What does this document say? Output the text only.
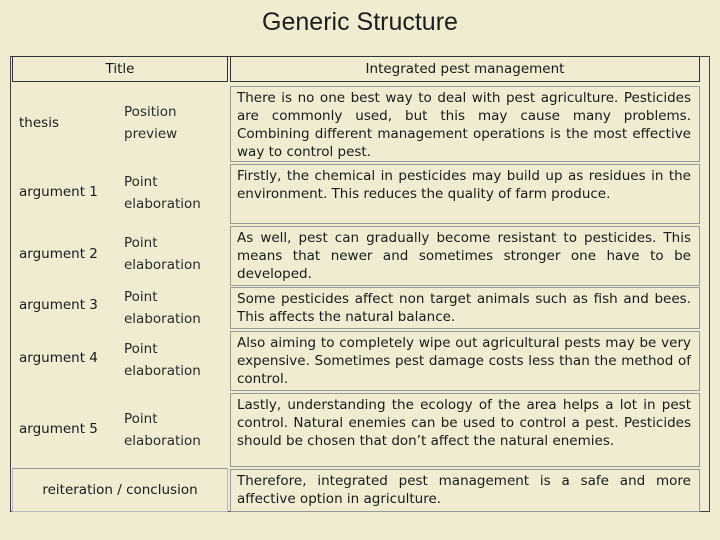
Generic Structure
Title	Integrated pest management
thesis
Position
preview
There is no one best way to deal with pest agriculture. Pesticides are commonly used, but this may cause many problems. Combining different management operations is the most effective way to control pest.
argument 1
Point
elaboration
Firstly, the chemical in pesticides may build up as residues in the environment. This reduces the quality of farm produce.
argument 2
Point
elaboration
As well, pest can gradually become resistant to pesticides. This means that newer and sometimes stronger one have to be developed.
argument 3 Point
elaboration
Some pesticides affect non target animals such as fish and bees. This affects the natural balance.
argument 4
Point
elaboration
Also aiming to completely wipe out agricultural pests may be very expensive. Sometimes pest damage costs less than the method of control.
argument 5
Point
elaboration
Lastly, understanding the ecology of the area helps a lot in pest control. Natural enemies can be used to control a pest. Pesticides should be chosen that don’t affect the natural enemies.
reiteration / conclusion
Therefore, integrated pest management is a safe and more affective option in agriculture.
